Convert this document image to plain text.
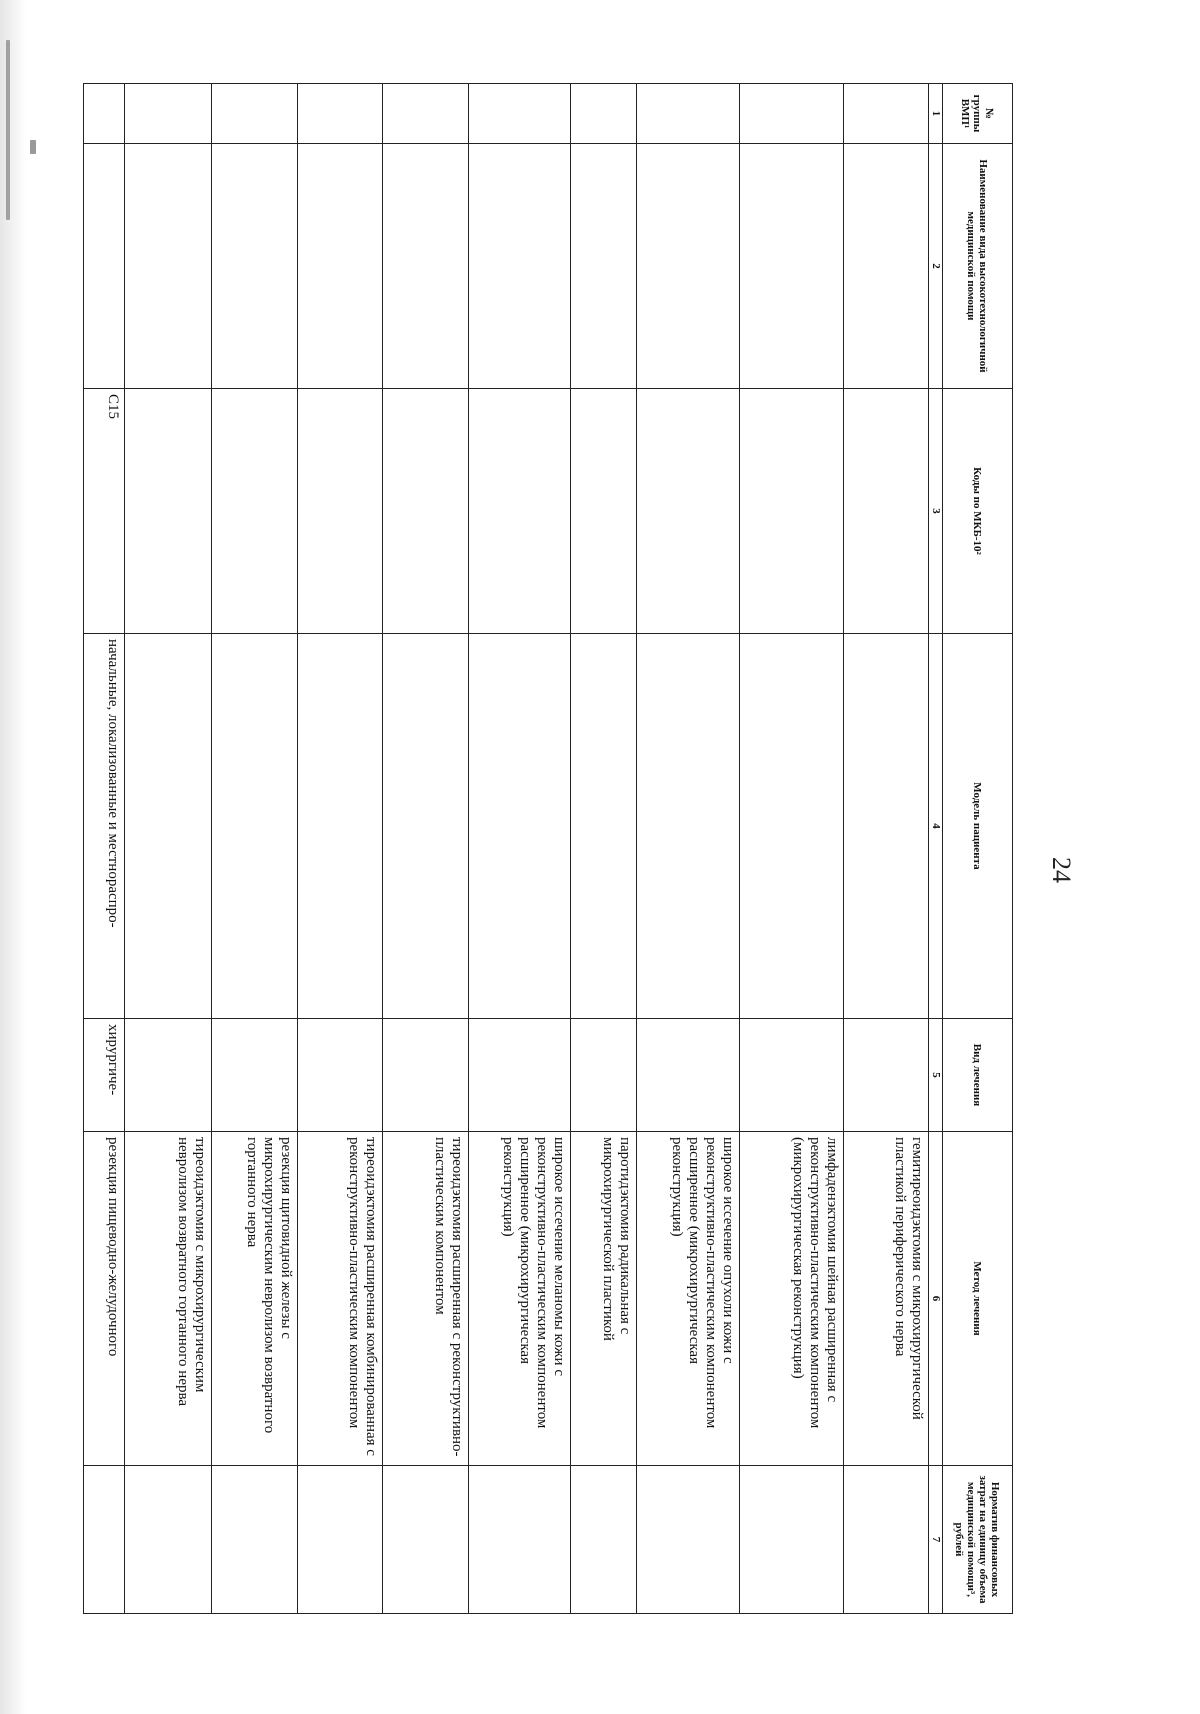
24
№ группы ВМП¹	Наименование вида высокотехнологичной медицинской помощи	Коды по МКБ-10²	Модель пациента	Вид лечения	Метод лечения	Норматив финансовых затрат на единицу объема медицинской помощи³, рублей
1	2	3	4	5	6	7
					гемитиреоидэктомия с микрохирургической пластикой периферического нерва	
					лимфаденэктомия шейная расширенная с реконструктивно-пластическим компонентом (микрохирургическая реконструкция)	
					широкое иссечение опухоли кожи с реконструктивно-пластическим компонентом расширенное (микрохирургическая реконструкция)	
					паротидэктомия радикальная с микрохирургической пластикой	
					широкое иссечение меланомы кожи с реконструктивно-пластическим компонентом расширенное (микрохирургическая реконструкция)	
					тиреоидэктомия расширенная с реконструктивно-пластическим компонентом	
					тиреоидэктомия расширенная комбинированная с реконструктивно-пластическим компонентом	
					резекция щитовидной железы с микрохирургическим невролизом возвратного гортанного нерва	
					тиреоидэктомия с микрохирургическим невролизом возвратного гортанного нерва	
		C15	начальные, локализованные и местнораспро-	хирургиче-	резекция пищеводно-желудочного	
